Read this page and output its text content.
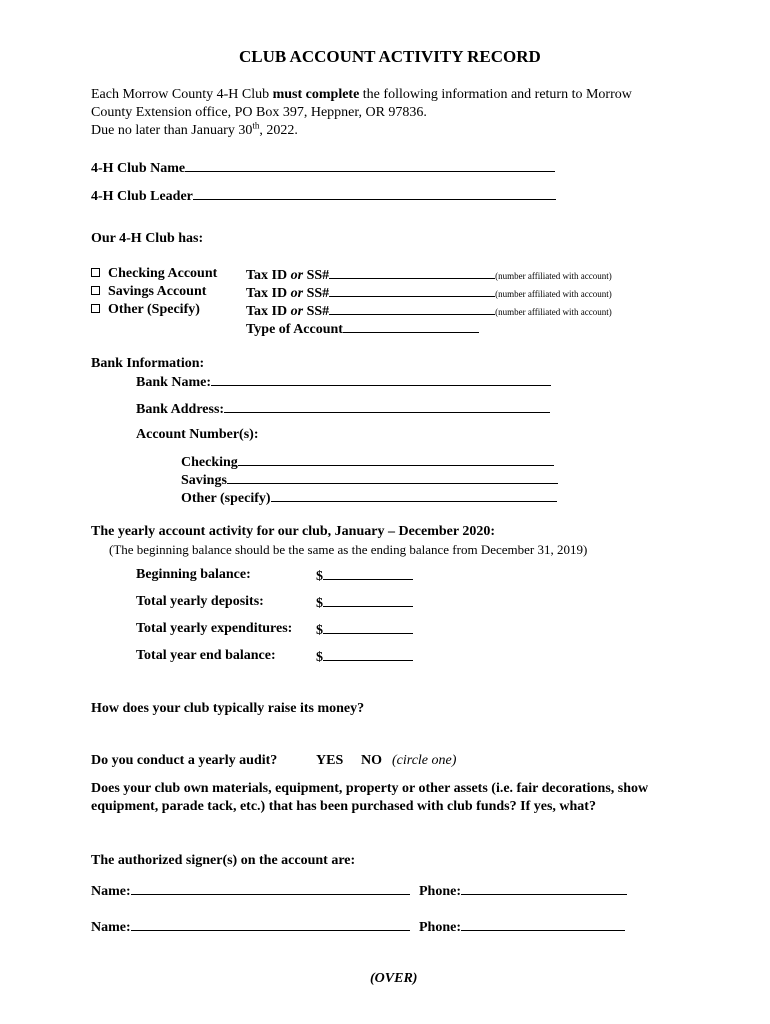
CLUB ACCOUNT ACTIVITY RECORD
Each Morrow County 4-H Club must complete the following information and return to Morrow
County Extension office, PO Box 397, Heppner, OR 97836.
Due no later than January 30th, 2022.
4-H Club Name
4-H Club Leader
Our 4-H Club has:
Checking Account Tax ID or SS#	(number affiliated with account)
Savings Account	Tax ID or SS#	(number affiliated with account)
Other (Specify)	Tax ID or SS#	(number affiliated with account)
Type of Account
Bank Information:
Bank Name:
Bank Address:
Account Number(s):
Checking
Savings
Other (specify)
The yearly account activity for our club, January – December 2020:
(The beginning balance should be the same as the ending balance from December 31, 2019)
Beginning balance:	$
Total yearly deposits:	$
Total yearly expenditures: $
Total year end balance:	$
How does your club typically raise its money?
Do you conduct a yearly audit?	YES NO (circle one)
Does your club own materials, equipment, property or other assets (i.e. fair decorations, show
equipment, parade tack, etc.) that has been purchased with club funds? If yes, what?
The authorized signer(s) on the account are:
Name:	Phone:
Name:	Phone:
(OVER)
